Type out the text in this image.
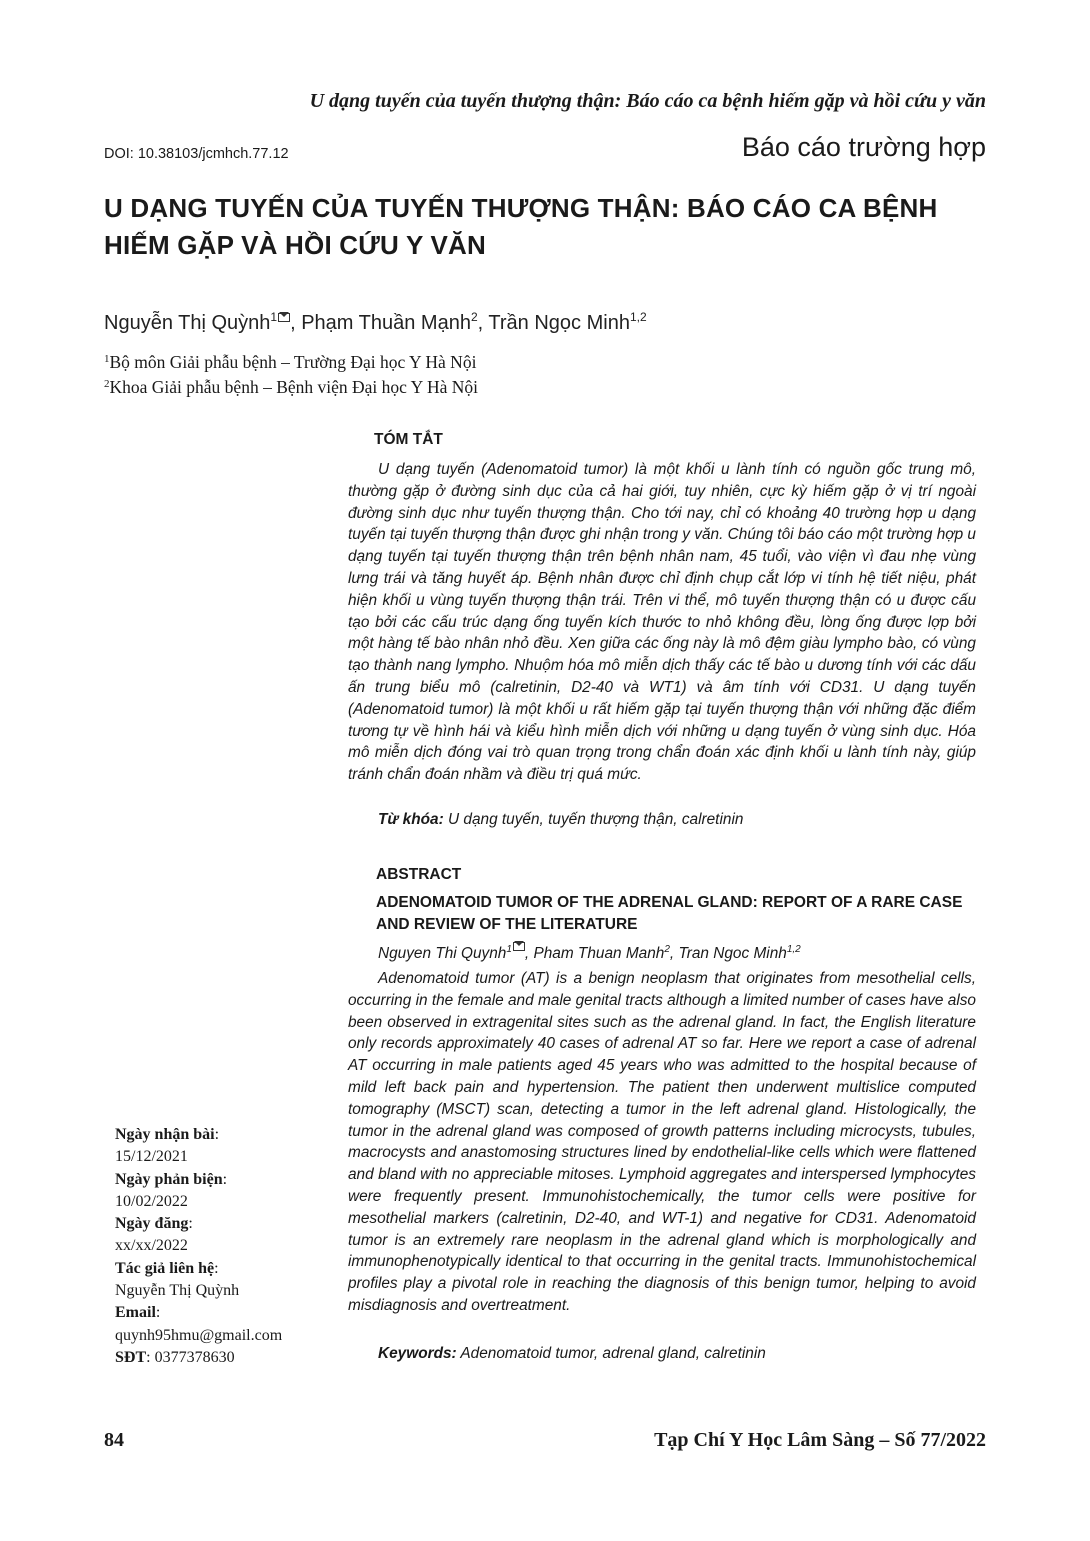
U dạng tuyến của tuyến thượng thận: Báo cáo ca bệnh hiếm gặp và hồi cứu y văn
DOI: 10.38103/jcmhch.77.12	Báo cáo trường hợp
U DẠNG TUYẾN CỦA TUYẾN THƯỢNG THẬN: BÁO CÁO CA BỆNH HIẾM GẶP VÀ HỒI CỨU Y VĂN
Nguyễn Thị Quỳnh$^1$ , Phạm Thuần Mạnh$^2$, Trần Ngọc Minh$^{1,2}$
$^1$Bộ môn Giải phẫu bệnh – Trường Đại học Y Hà Nội
$^2$Khoa Giải phẫu bệnh – Bệnh viện Đại học Y Hà Nội
TÓM TẮT

U dạng tuyến (Adenomatoid tumor) là một khối u lành tính có nguồn gốc trung mô, thường gặp ở đường sinh dục của cả hai giới, tuy nhiên, cực kỳ hiếm gặp ở vị trí ngoài đường sinh dục như tuyến thượng thận. Cho tới nay, chỉ có khoảng 40 trường hợp u dạng tuyến tại tuyến thượng thận được ghi nhận trong y văn. Chúng tôi báo cáo một trường hợp u dạng tuyến tại tuyến thượng thận trên bệnh nhân nam, 45 tuổi, vào viện vì đau nhẹ vùng lưng trái và tăng huyết áp. Bệnh nhân được chỉ định chụp cắt lớp vi tính hệ tiết niệu, phát hiện khối u vùng tuyến thượng thận trái. Trên vi thể, mô tuyến thượng thận có u được cấu tạo bởi các cấu trúc dạng ống tuyến kích thước to nhỏ không đều, lòng ống được lợp bởi một hàng tế bào nhân nhỏ đều. Xen giữa các ống này là mô đệm giàu lympho bào, có vùng tạo thành nang lympho. Nhuộm hóa mô miễn dịch thấy các tế bào u dương tính với các dấu ấn trung biểu mô (calretinin, D2-40 và WT1) và âm tính với CD31. U dạng tuyến (Adenomatoid tumor) là một khối u rất hiếm gặp tại tuyến thượng thận với những đặc điểm tương tự về hình hái và kiểu hình miễn dịch với những u dạng tuyến ở vùng sinh dục. Hóa mô miễn dịch đóng vai trò quan trọng trong chẩn đoán xác định khối u lành tính này, giúp tránh chẩn đoán nhầm và điều trị quá mức.

Từ khóa: U dạng tuyến, tuyến thượng thận, calretinin
ABSTRACT
ADENOMATOID TUMOR OF THE ADRENAL GLAND: REPORT OF A RARE CASE AND REVIEW OF THE LITERATURE
Nguyen Thi Quynh$^1$ , Pham Thuan Manh$^2$, Tran Ngoc Minh$^{1,2}$

Adenomatoid tumor (AT) is a benign neoplasm that originates from mesothelial cells, occurring in the female and male genital tracts although a limited number of cases have also been observed in extragenital sites such as the adrenal gland. In fact, the English literature only records approximately 40 cases of adrenal AT so far. Here we report a case of adrenal AT occurring in male patients aged 45 years who was admitted to the hospital because of mild left back pain and hypertension. The patient then underwent multislice computed tomography (MSCT) scan, detecting a tumor in the left adrenal gland. Histologically, the tumor in the adrenal gland was composed of growth patterns including microcysts, tubules, macrocysts and anastomosing structures lined by endothelial-like cells which were flattened and bland with no appreciable mitoses. Lymphoid aggregates and interspersed lymphocytes were frequently present. Immunohistochemically, the tumor cells were positive for mesothelial markers (calretinin, D2-40, and WT-1) and negative for CD31. Adenomatoid tumor is an extremely rare neoplasm in the adrenal gland which is morphologically and immunophenotypically identical to that occurring in the genital tracts. Immunohistochemical profiles play a pivotal role in reaching the diagnosis of this benign tumor, helping to avoid misdiagnosis and overtreatment.

Keywords: Adenomatoid tumor, adrenal gland, calretinin
Ngày nhận bài:
15/12/2021
Ngày phản biện:
10/02/2022
Ngày đăng:
xx/xx/2022
Tác giả liên hệ:
Nguyễn Thị Quỳnh
Email:
quynh95hmu@gmail.com
SĐT: 0377378630
84	Tạp Chí Y Học Lâm Sàng – Số 77/2022
